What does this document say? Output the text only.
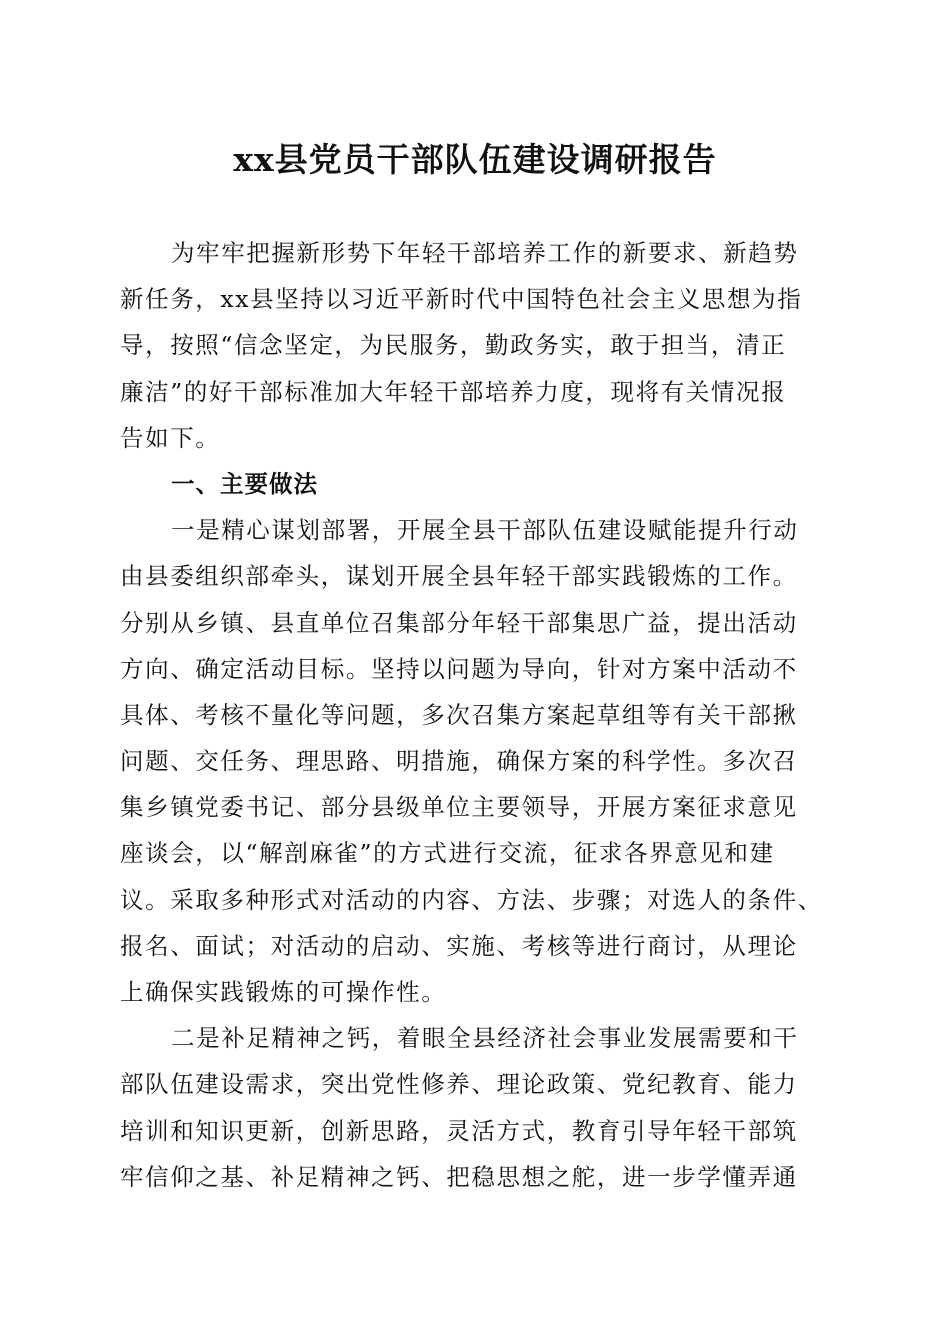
xx县党员干部队伍建设调研报告
为牢牢把握新形势下年轻干部培养工作的新要求、新趋势
新任务，xx县坚持以习近平新时代中国特色社会主义思想为指
导，按照“信念坚定，为民服务，勤政务实，敢于担当，清正
廉洁”的好干部标准加大年轻干部培养力度，现将有关情况报
告如下。
一、主要做法
一是精心谋划部署，开展全县干部队伍建设赋能提升行动
由县委组织部牵头，谋划开展全县年轻干部实践锻炼的工作。
分别从乡镇、县直单位召集部分年轻干部集思广益，提出活动
方向、确定活动目标。坚持以问题为导向，针对方案中活动不
具体、考核不量化等问题，多次召集方案起草组等有关干部揪
问题、交任务、理思路、明措施，确保方案的科学性。多次召
集乡镇党委书记、部分县级单位主要领导，开展方案征求意见
座谈会，以“解剖麻雀”的方式进行交流，征求各界意见和建
议。采取多种形式对活动的内容、方法、步骤；对选人的条件、
报名、面试；对活动的启动、实施、考核等进行商讨，从理论
上确保实践锻炼的可操作性。
二是补足精神之钙，着眼全县经济社会事业发展需要和干
部队伍建设需求，突出党性修养、理论政策、党纪教育、能力
培训和知识更新，创新思路，灵活方式，教育引导年轻干部筑
牢信仰之基、补足精神之钙、把稳思想之舵，进一步学懂弄通
